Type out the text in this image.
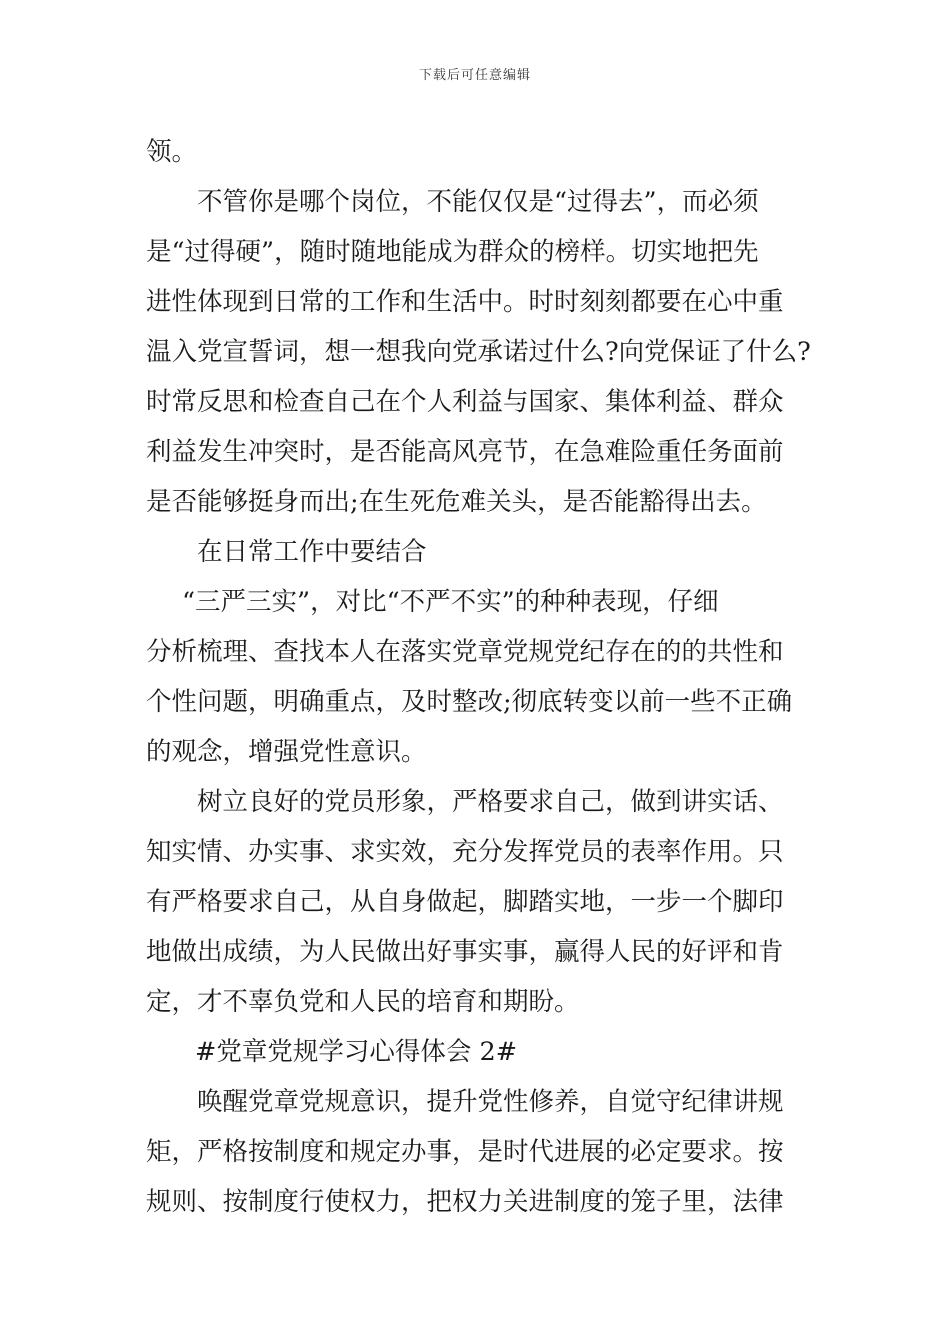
下载后可任意编辑
领。
不管你是哪个岗位，不能仅仅是“过得去”，而必须
是“过得硬”，随时随地能成为群众的榜样。切实地把先
进性体现到日常的工作和生活中。时时刻刻都要在心中重
温入党宣誓词，想一想我向党承诺过什么?向党保证了什么?
时常反思和检查自己在个人利益与国家、集体利益、群众
利益发生冲突时，是否能高风亮节，在急难险重任务面前
是否能够挺身而出;在生死危难关头，是否能豁得出去。
在日常工作中要结合
“三严三实”，对比“不严不实”的种种表现，仔细
分析梳理、查找本人在落实党章党规党纪存在的的共性和
个性问题，明确重点，及时整改;彻底转变以前一些不正确
的观念，增强党性意识。
树立良好的党员形象，严格要求自己，做到讲实话、
知实情、办实事、求实效，充分发挥党员的表率作用。只
有严格要求自己，从自身做起，脚踏实地，一步一个脚印
地做出成绩，为人民做出好事实事，赢得人民的好评和肯
定，才不辜负党和人民的培育和期盼。
#党章党规学习心得体会 2#
唤醒党章党规意识，提升党性修养，自觉守纪律讲规
矩，严格按制度和规定办事，是时代进展的必定要求。按
规则、按制度行使权力，把权力关进制度的笼子里，法律
